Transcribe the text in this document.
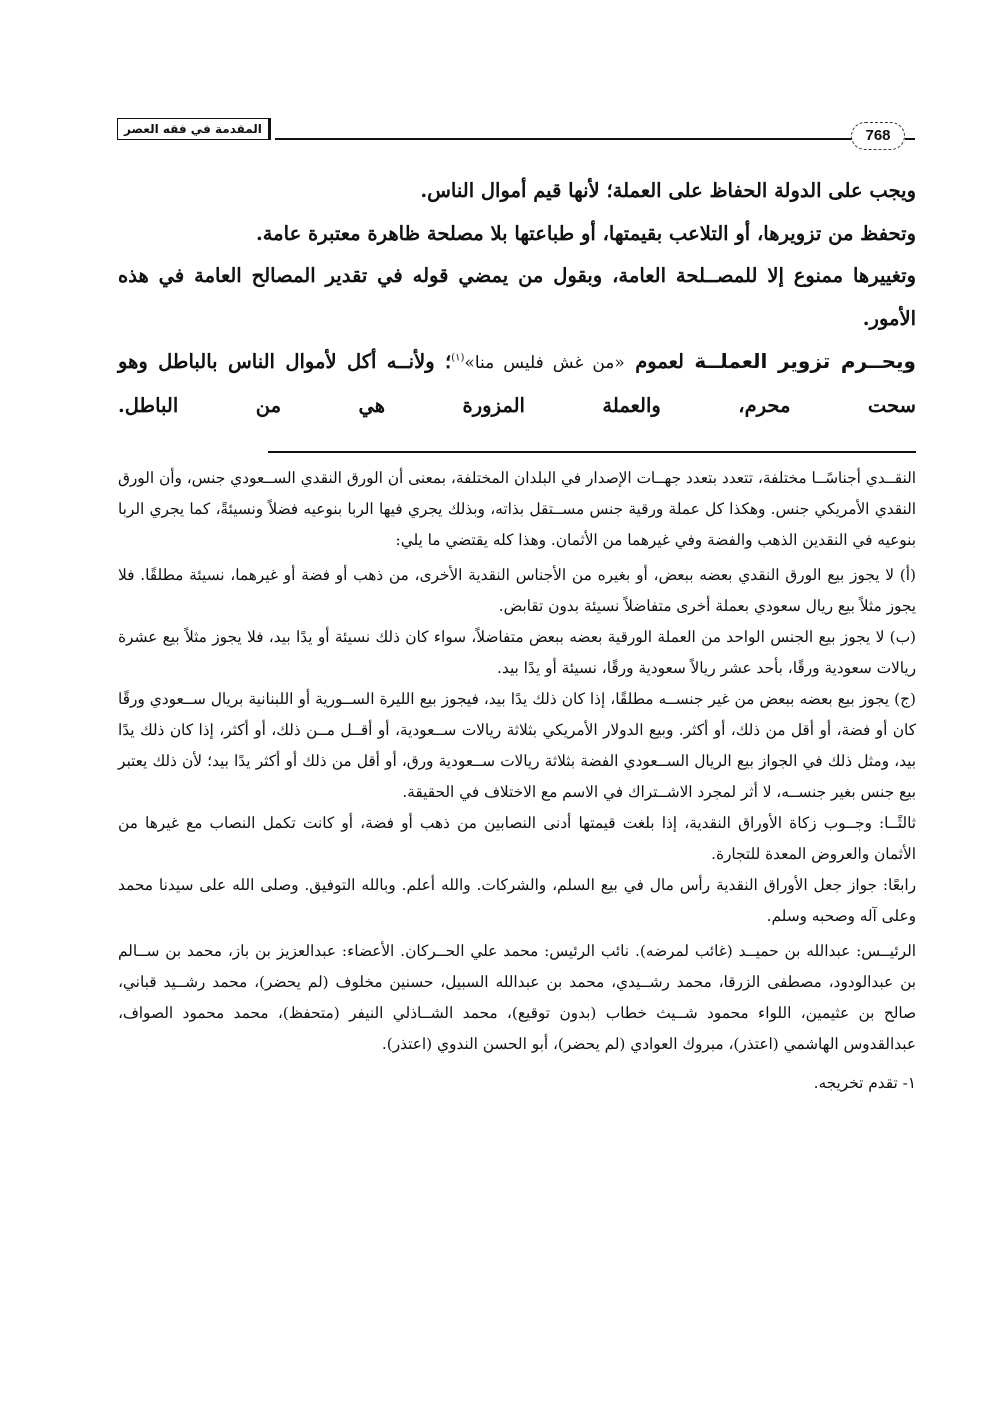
المقدمة في فقه العصر	768

ويجب على الدولة الحفاظ على العملة؛ لأنها قيم أموال الناس.

وتحفظ من تزويرها، أو التلاعب بقيمتها، أو طباعتها بلا مصلحة ظاهرة معتبرة عامة.

وتغييرها ممنوع إلا للمصــلحة العامة، وبقول من يمضي قوله في تقدير المصالح العامة في هذه الأمور.

ويحــرم تزوير العملــة لعموم «من غش فليس منا»$^{(١)}$؛ ولأنــه أكل لأموال الناس بالباطل وهو سحت محرم، والعملة المزورة هي من الباطل.

النقــدي أجناسًــا مختلفة، تتعدد بتعدد جهــات الإصدار في البلدان المختلفة، بمعنى أن الورق النقدي الســعودي جنس، وأن الورق النقدي الأمريكي جنس. وهكذا كل عملة ورقية جنس مســتقل بذاته، وبذلك يجري فيها الربا بنوعيه فضلاً ونسيئةً، كما يجري الربا بنوعيه في النقدين الذهب والفضة وفي غيرهما من الأثمان. وهذا كله يقتضي ما يلي:

(أ) لا يجوز بيع الورق النقدي بعضه ببعض، أو بغيره من الأجناس النقدية الأخرى، من ذهب أو فضة أو غيرهما، نسيئة مطلقًا. فلا يجوز مثلاً بيع ريال سعودي بعملة أخرى متفاضلاً نسيئة بدون تقابض.

(ب) لا يجوز بيع الجنس الواحد من العملة الورقية بعضه ببعض متفاضلاً، سواء كان ذلك نسيئة أو يدًا بيد، فلا يجوز مثلاً بيع عشرة ريالات سعودية ورقًا، بأحد عشر ريالاً سعودية ورقًا، نسيئة أو يدًا بيد.

(ج) يجوز بيع بعضه ببعض من غير جنســه مطلقًا، إذا كان ذلك يدًا بيد، فيجوز بيع الليرة الســورية أو اللبنانية بريال ســعودي ورقًا كان أو فضة، أو أقل من ذلك، أو أكثر. وبيع الدولار الأمريكي بثلاثة ريالات ســعودية، أو أقــل مــن ذلك، أو أكثر، إذا كان ذلك يدًا بيد، ومثل ذلك في الجواز بيع الريال الســعودي الفضة بثلاثة ريالات ســعودية ورق، أو أقل من ذلك أو أكثر يدًا بيد؛ لأن ذلك يعتبر بيع جنس بغير جنســه، لا أثر لمجرد الاشــتراك في الاسم مع الاختلاف في الحقيقة.

ثالثًــا: وجــوب زكاة الأوراق النقدية، إذا بلغت قيمتها أدنى النصابين من ذهب أو فضة، أو كانت تكمل النصاب مع غيرها من الأثمان والعروض المعدة للتجارة.

رابعًا: جواز جعل الأوراق النقدية رأس مال في بيع السلم، والشركات. والله أعلم. وبالله التوفيق. وصلى الله على سيدنا محمد وعلى آله وصحبه وسلم.

الرئيــس: عبدالله بن حميــد (غائب لمرضه). نائب الرئيس: محمد علي الحــركان. الأعضاء: عبدالعزيز بن باز، محمد بن ســالم بن عبدالودود، مصطفى الزرقا، محمد رشــيدي، محمد بن عبدالله السبيل، حسنين مخلوف (لم يحضر)، محمد رشــيد قباني، صالح بن عثيمين، اللواء محمود شــيث خطاب (بدون توقيع)، محمد الشــاذلي النيفر (متحفظ)، محمد محمود الصواف، عبدالقدوس الهاشمي (اعتذر)، مبروك العوادي (لم يحضر)، أبو الحسن الندوي (اعتذر).

١- تقدم تخريجه.
